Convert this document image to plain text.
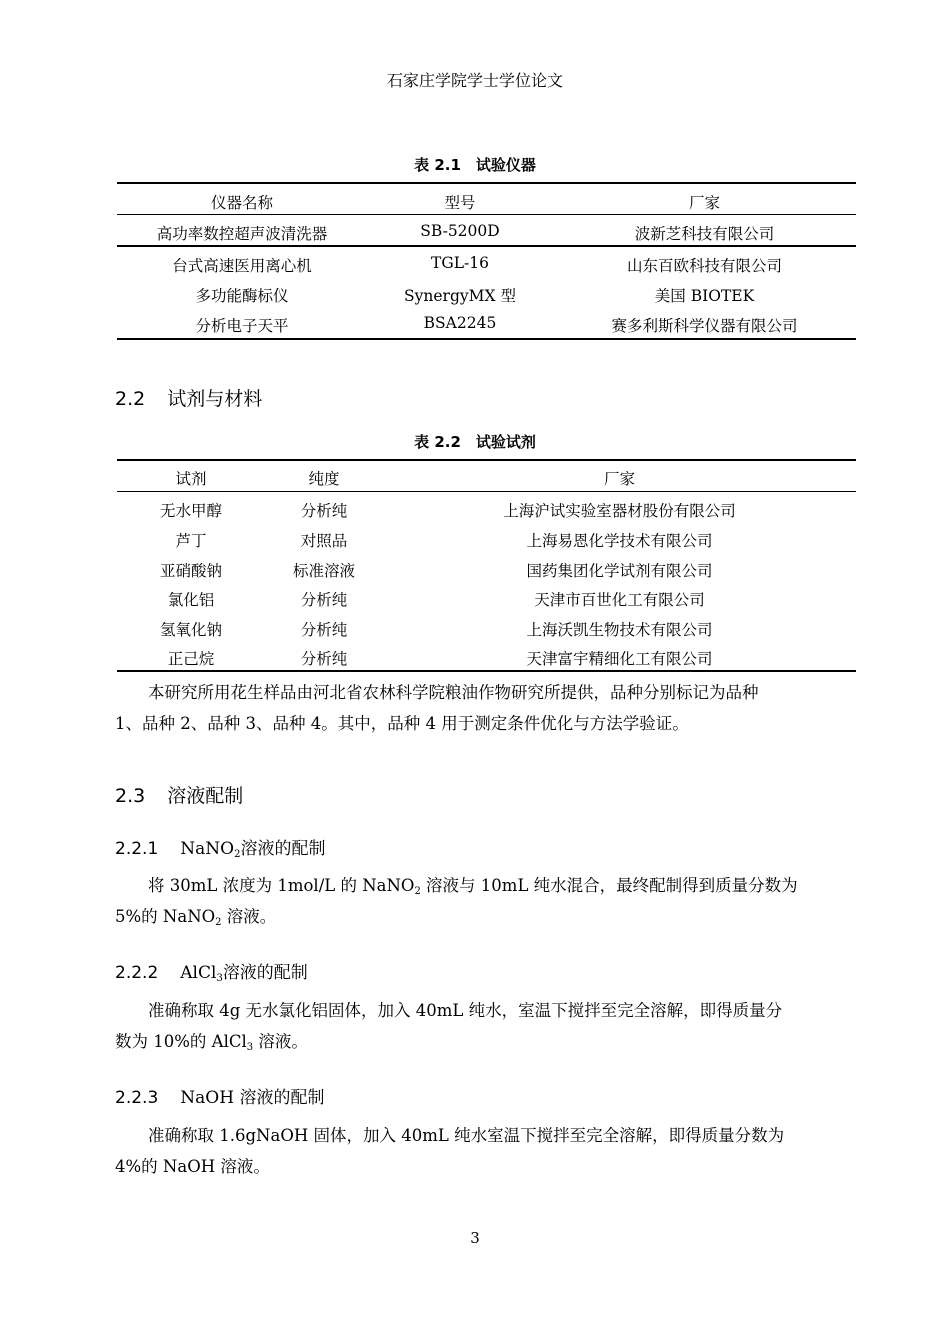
石家庄学院学士学位论文
表 2.1　试验仪器
仪器名称	型号	厂家
高功率数控超声波清洗器	SB-5200D	波新芝科技有限公司
台式高速医用离心机	TGL-16	山东百欧科技有限公司
多功能酶标仪	SynergyMX 型	美国 BIOTEK
分析电子天平	BSA2245	赛多利斯科学仪器有限公司
2.2 试剂与材料
表 2.2　试验试剂
试剂	纯度	厂家
无水甲醇	分析纯	上海沪试实验室器材股份有限公司
芦丁	对照品	上海易恩化学技术有限公司
亚硝酸钠	标准溶液	国药集团化学试剂有限公司
氯化铝	分析纯	天津市百世化工有限公司
氢氧化钠	分析纯	上海沃凯生物技术有限公司
正己烷	分析纯	天津富宇精细化工有限公司

本研究所用花生样品由河北省农林科学院粮油作物研究所提供，品种分别标记为品种

1、品种 2、品种 3、品种 4。其中，品种 4 用于测定条件优化与方法学验证。

2.3 溶液配制
2.2.1 NaNO$_2$溶液的配制

将 30mL 浓度为 1mol/L 的 NaNO$_2$ 溶液与 10mL 纯水混合，最终配制得到质量分数为

5%的 NaNO$_2$ 溶液。

2.2.2 AlCl$_3$溶液的配制

准确称取 4g 无水氯化铝固体，加入 40mL 纯水，室温下搅拌至完全溶解，即得质量分

数为 10%的 AlCl$_3$ 溶液。

2.2.3 NaOH 溶液的配制

准确称取 1.6gNaOH 固体，加入 40mL 纯水室温下搅拌至完全溶解，即得质量分数为

4%的 NaOH 溶液。

3
